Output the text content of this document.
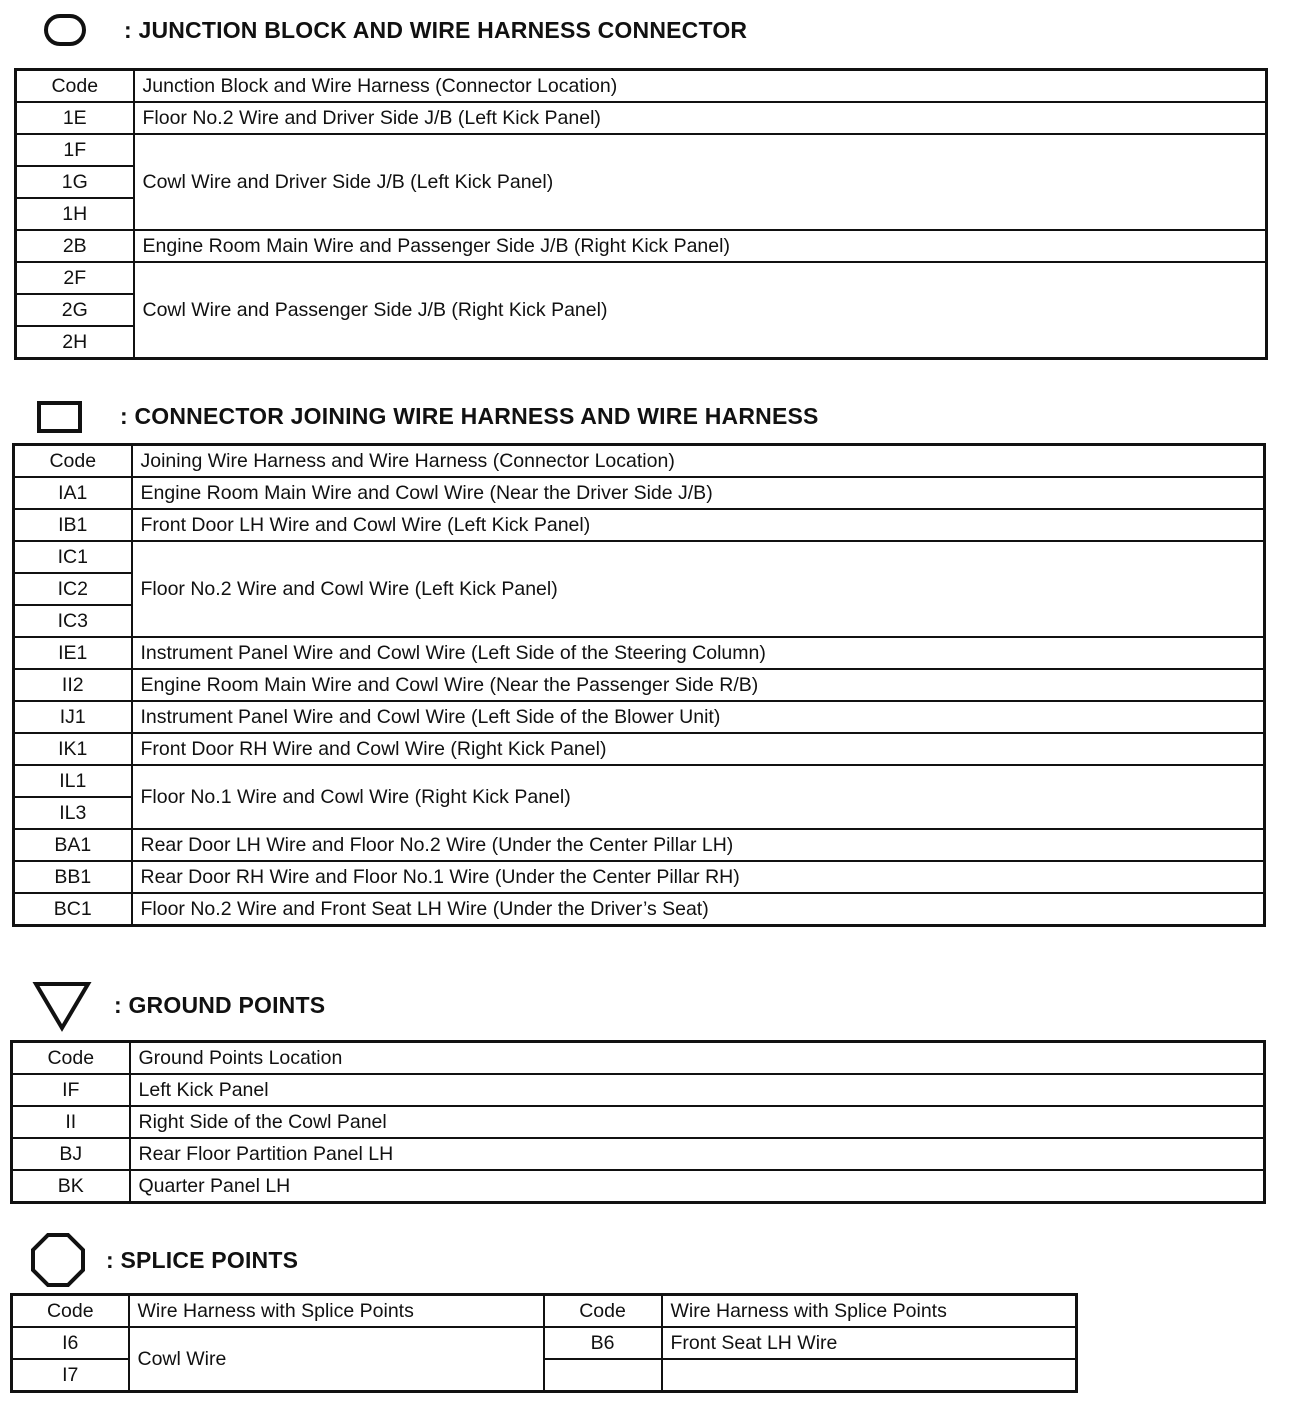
: JUNCTION BLOCK AND WIRE HARNESS CONNECTOR
Code	Junction Block and Wire Harness (Connector Location)
1E	Floor No.2 Wire and Driver Side J/B (Left Kick Panel)
1F	Cowl Wire and Driver Side J/B (Left Kick Panel)
1G	
1H	
2B	Engine Room Main Wire and Passenger Side J/B (Right Kick Panel)
2F	Cowl Wire and Passenger Side J/B (Right Kick Panel)
2G	
2H	
: CONNECTOR JOINING WIRE HARNESS AND WIRE HARNESS
Code	Joining Wire Harness and Wire Harness (Connector Location)
IA1	Engine Room Main Wire and Cowl Wire (Near the Driver Side J/B)
IB1	Front Door LH Wire and Cowl Wire (Left Kick Panel)
IC1	Floor No.2 Wire and Cowl Wire (Left Kick Panel)
IC2	
IC3	
IE1	Instrument Panel Wire and Cowl Wire (Left Side of the Steering Column)
II2	Engine Room Main Wire and Cowl Wire (Near the Passenger Side R/B)
IJ1	Instrument Panel Wire and Cowl Wire (Left Side of the Blower Unit)
IK1	Front Door RH Wire and Cowl Wire (Right Kick Panel)
IL1	Floor No.1 Wire and Cowl Wire (Right Kick Panel)
IL3	
BA1	Rear Door LH Wire and Floor No.2 Wire (Under the Center Pillar LH)
BB1	Rear Door RH Wire and Floor No.1 Wire (Under the Center Pillar RH)
BC1	Floor No.2 Wire and Front Seat LH Wire (Under the Driver’s Seat)
: GROUND POINTS
Code	Ground Points Location
IF	Left Kick Panel
II	Right Side of the Cowl Panel
BJ	Rear Floor Partition Panel LH
BK	Quarter Panel LH
: SPLICE POINTS
Code	Wire Harness with Splice Points	Code	Wire Harness with Splice Points
I6	Cowl Wire	B6	Front Seat LH Wire
I7			
